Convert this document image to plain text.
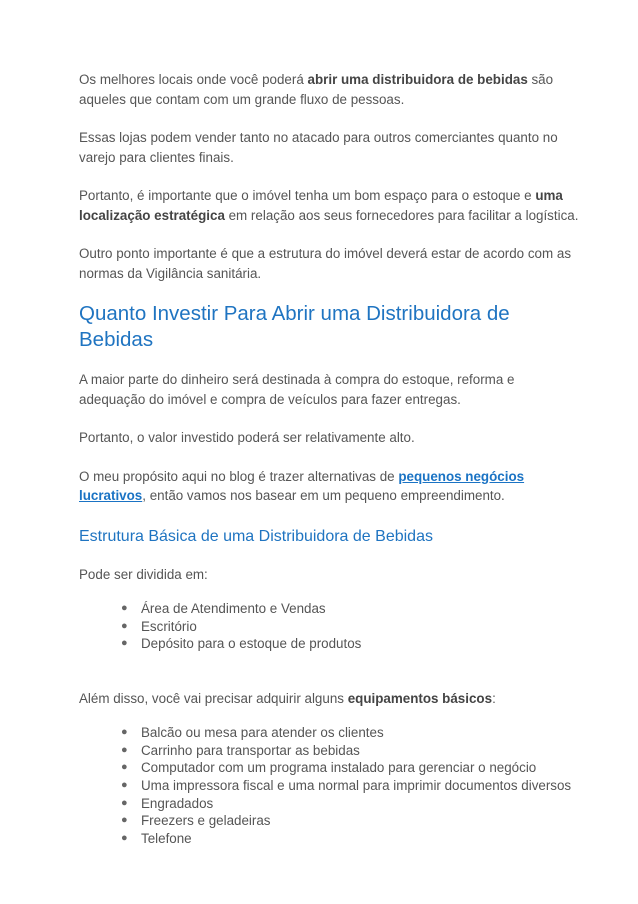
Os melhores locais onde você poderá abrir uma distribuidora de bebidas são aqueles que contam com um grande fluxo de pessoas.

Essas lojas podem vender tanto no atacado para outros comerciantes quanto no varejo para clientes finais.

Portanto, é importante que o imóvel tenha um bom espaço para o estoque e uma localização estratégica em relação aos seus fornecedores para facilitar a logística.

Outro ponto importante é que a estrutura do imóvel deverá estar de acordo com as normas da Vigilância sanitária.

Quanto Investir Para Abrir uma Distribuidora de Bebidas

A maior parte do dinheiro será destinada à compra do estoque, reforma e adequação do imóvel e compra de veículos para fazer entregas.

Portanto, o valor investido poderá ser relativamente alto.

O meu propósito aqui no blog é trazer alternativas de pequenos negócios lucrativos, então vamos nos basear em um pequeno empreendimento.

Estrutura Básica de uma Distribuidora de Bebidas

Pode ser dividida em:

● Área de Atendimento e Vendas
● Escritório
● Depósito para o estoque de produtos

Além disso, você vai precisar adquirir alguns equipamentos básicos:

● Balcão ou mesa para atender os clientes
● Carrinho para transportar as bebidas
● Computador com um programa instalado para gerenciar o negócio
● Uma impressora fiscal e uma normal para imprimir documentos diversos
● Engradados
● Freezers e geladeiras
● Telefone
